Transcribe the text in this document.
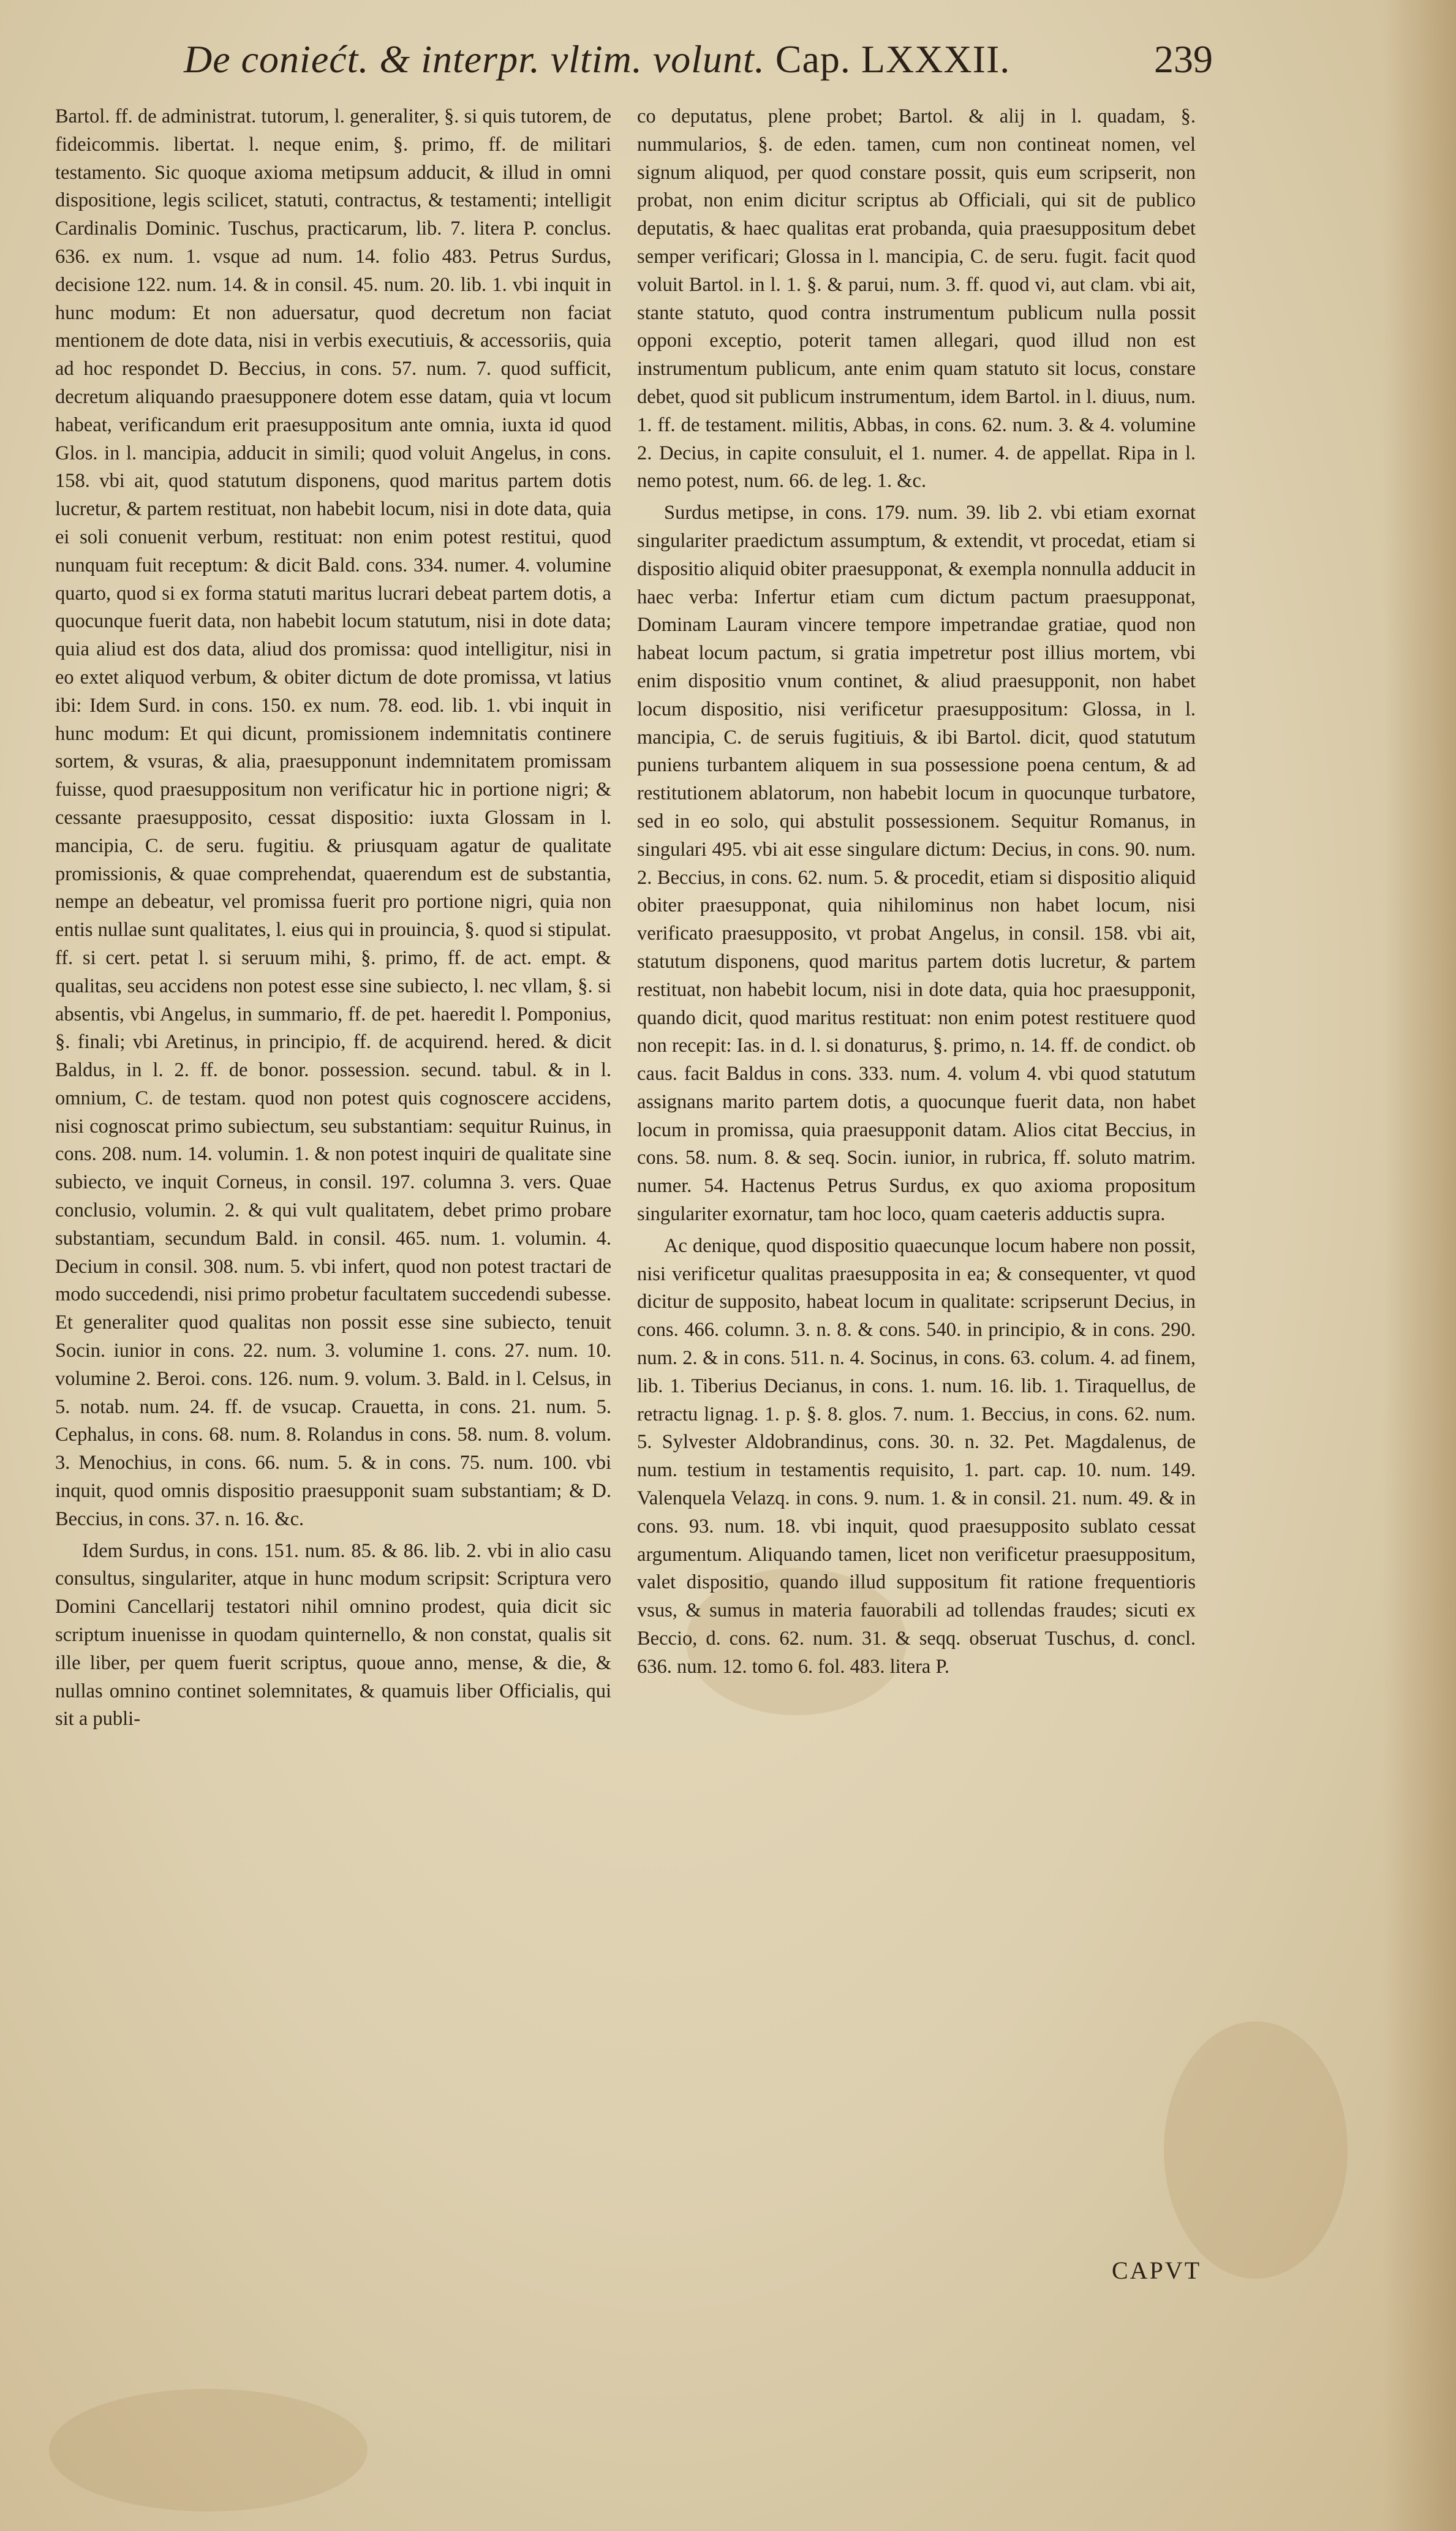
De coniećt. & interpr. vltim. volunt. Cap. LXXXII.	239

Bartol. ff. de administrat. tutorum, l. generaliter, §. si quis tutorem, de fideicommis. libertat. l. neque enim, §. primo, ff. de militari testamento. Sic quoque axioma metipsum adducit, & illud in omni dispositione, legis scilicet, statuti, contractus, & testamenti; intelligit Cardinalis Dominic. Tuschus, practicarum, lib. 7. litera P. conclus. 636. ex num. 1. vsque ad num. 14. folio 483. Petrus Surdus, decisione 122. num. 14. & in consil. 45. num. 20. lib. 1. vbi inquit in hunc modum: Et non aduersatur, quod decretum non faciat mentionem de dote data, nisi in verbis executiuis, & accessoriis, quia ad hoc respondet D. Beccius, in cons. 57. num. 7. quod sufficit, decretum aliquando praesupponere dotem esse datam, quia vt locum habeat, verificandum erit praesuppositum ante omnia, iuxta id quod Glos. in l. mancipia, adducit in simili; quod voluit Angelus, in cons. 158. vbi ait, quod statutum disponens, quod maritus partem dotis lucretur, & partem restituat, non habebit locum, nisi in dote data, quia ei soli conuenit verbum, restituat: non enim potest restitui, quod nunquam fuit receptum: & dicit Bald. cons. 334. numer. 4. volumine quarto, quod si ex forma statuti maritus lucrari debeat partem dotis, a quocunque fuerit data, non habebit locum statutum, nisi in dote data; quia aliud est dos data, aliud dos promissa: quod intelligitur, nisi in eo extet aliquod verbum, & obiter dictum de dote promissa, vt latius ibi: Idem Surd. in cons. 150. ex num. 78. eod. lib. 1. vbi inquit in hunc modum: Et qui dicunt, promissionem indemnitatis continere sortem, & vsuras, & alia, praesupponunt indemnitatem promissam fuisse, quod praesuppositum non verificatur hic in portione nigri; & cessante praesupposito, cessat dispositio: iuxta Glossam in l. mancipia, C. de seru. fugitiu. & priusquam agatur de qualitate promissionis, & quae comprehendat, quaerendum est de substantia, nempe an debeatur, vel promissa fuerit pro portione nigri, quia non entis nullae sunt qualitates, l. eius qui in prouincia, §. quod si stipulat. ff. si cert. petat l. si seruum mihi, §. primo, ff. de act. empt. & qualitas, seu accidens non potest esse sine subiecto, l. nec vllam, §. si absentis, vbi Angelus, in summario, ff. de pet. haeredit l. Pomponius, §. finali; vbi Aretinus, in principio, ff. de acquirend. hered. & dicit Baldus, in l. 2. ff. de bonor. possession. secund. tabul. & in l. omnium, C. de testam. quod non potest quis cognoscere accidens, nisi cognoscat primo subiectum, seu substantiam: sequitur Ruinus, in cons. 208. num. 14. volumin. 1. & non potest inquiri de qualitate sine subiecto, ve inquit Corneus, in consil. 197. columna 3. vers. Quae conclusio, volumin. 2. & qui vult qualitatem, debet primo probare substantiam, secundum Bald. in consil. 465. num. 1. volumin. 4. Decium in consil. 308. num. 5. vbi infert, quod non potest tractari de modo succedendi, nisi primo probetur facultatem succedendi subesse. Et generaliter quod qualitas non possit esse sine subiecto, tenuit Socin. iunior in cons. 22. num. 3. volumine 1. cons. 27. num. 10. volumine 2. Beroi. cons. 126. num. 9. volum. 3. Bald. in l. Celsus, in 5. notab. num. 24. ff. de vsucap. Crauetta, in cons. 21. num. 5. Cephalus, in cons. 68. num. 8. Rolandus in cons. 58. num. 8. volum. 3. Menochius, in cons. 66. num. 5. & in cons. 75. num. 100. vbi inquit, quod omnis dispositio praesupponit suam substantiam; & D. Beccius, in cons. 37. n. 16. &c.

Idem Surdus, in cons. 151. num. 85. & 86. lib. 2. vbi in alio casu consultus, singulariter, atque in hunc modum scripsit: Scriptura vero Domini Cancellarij testatori nihil omnino prodest, quia dicit sic scriptum inuenisse in quodam quinternello, & non constat, qualis sit ille liber, per quem fuerit scriptus, quoue anno, mense, & die, & nullas omnino continet solemnitates, & quamuis liber Officialis, qui sit a publi-

co deputatus, plene probet; Bartol. & alij in l. quadam, §. nummularios, §. de eden. tamen, cum non contineat nomen, vel signum aliquod, per quod constare possit, quis eum scripserit, non probat, non enim dicitur scriptus ab Officiali, qui sit de publico deputatis, & haec qualitas erat probanda, quia praesuppositum debet semper verificari; Glossa in l. mancipia, C. de seru. fugit. facit quod voluit Bartol. in l. 1. §. & parui, num. 3. ff. quod vi, aut clam. vbi ait, stante statuto, quod contra instrumentum publicum nulla possit opponi exceptio, poterit tamen allegari, quod illud non est instrumentum publicum, ante enim quam statuto sit locus, constare debet, quod sit publicum instrumentum, idem Bartol. in l. diuus, num. 1. ff. de testament. militis, Abbas, in cons. 62. num. 3. & 4. volumine 2. Decius, in capite consuluit, el 1. numer. 4. de appellat. Ripa in l. nemo potest, num. 66. de leg. 1. &c.

Surdus metipse, in cons. 179. num. 39. lib 2. vbi etiam exornat singulariter praedictum assumptum, & extendit, vt procedat, etiam si dispositio aliquid obiter praesupponat, & exempla nonnulla adducit in haec verba: Infertur etiam cum dictum pactum praesupponat, Dominam Lauram vincere tempore impetrandae gratiae, quod non habeat locum pactum, si gratia impetretur post illius mortem, vbi enim dispositio vnum continet, & aliud praesupponit, non habet locum dispositio, nisi verificetur praesuppositum: Glossa, in l. mancipia, C. de seruis fugitiuis, & ibi Bartol. dicit, quod statutum puniens turbantem aliquem in sua possessione poena centum, & ad restitutionem ablatorum, non habebit locum in quocunque turbatore, sed in eo solo, qui abstulit possessionem. Sequitur Romanus, in singulari 495. vbi ait esse singulare dictum: Decius, in cons. 90. num. 2. Beccius, in cons. 62. num. 5. & procedit, etiam si dispositio aliquid obiter praesupponat, quia nihilominus non habet locum, nisi verificato praesupposito, vt probat Angelus, in consil. 158. vbi ait, statutum disponens, quod maritus partem dotis lucretur, & partem restituat, non habebit locum, nisi in dote data, quia hoc praesupponit, quando dicit, quod maritus restituat: non enim potest restituere quod non recepit: Ias. in d. l. si donaturus, §. primo, n. 14. ff. de condict. ob caus. facit Baldus in cons. 333. num. 4. volum 4. vbi quod statutum assignans marito partem dotis, a quocunque fuerit data, non habet locum in promissa, quia praesupponit datam. Alios citat Beccius, in cons. 58. num. 8. & seq. Socin. iunior, in rubrica, ff. soluto matrim. numer. 54. Hactenus Petrus Surdus, ex quo axioma propositum singulariter exornatur, tam hoc loco, quam caeteris adductis supra.

Ac denique, quod dispositio quaecunque locum habere non possit, nisi verificetur qualitas praesupposita in ea; & consequenter, vt quod dicitur de supposito, habeat locum in qualitate: scripserunt Decius, in cons. 466. column. 3. n. 8. & cons. 540. in principio, & in cons. 290. num. 2. & in cons. 511. n. 4. Socinus, in cons. 63. colum. 4. ad finem, lib. 1. Tiberius Decianus, in cons. 1. num. 16. lib. 1. Tiraquellus, de retractu lignag. 1. p. §. 8. glos. 7. num. 1. Beccius, in cons. 62. num. 5. Sylvester Aldobrandinus, cons. 30. n. 32. Pet. Magdalenus, de num. testium in testamentis requisito, 1. part. cap. 10. num. 149. Valenquela Velazq. in cons. 9. num. 1. & in consil. 21. num. 49. & in cons. 93. num. 18. vbi inquit, quod praesupposito sublato cessat argumentum. Aliquando tamen, licet non verificetur praesuppositum, valet dispositio, quando illud suppositum fit ratione frequentioris vsus, & sumus in materia fauorabili ad tollendas fraudes; sicuti ex Beccio, d. cons. 62. num. 31. & seqq. obseruat Tuschus, d. concl. 636. num. 12. tomo 6. fol. 483. litera P.

CAPVT
